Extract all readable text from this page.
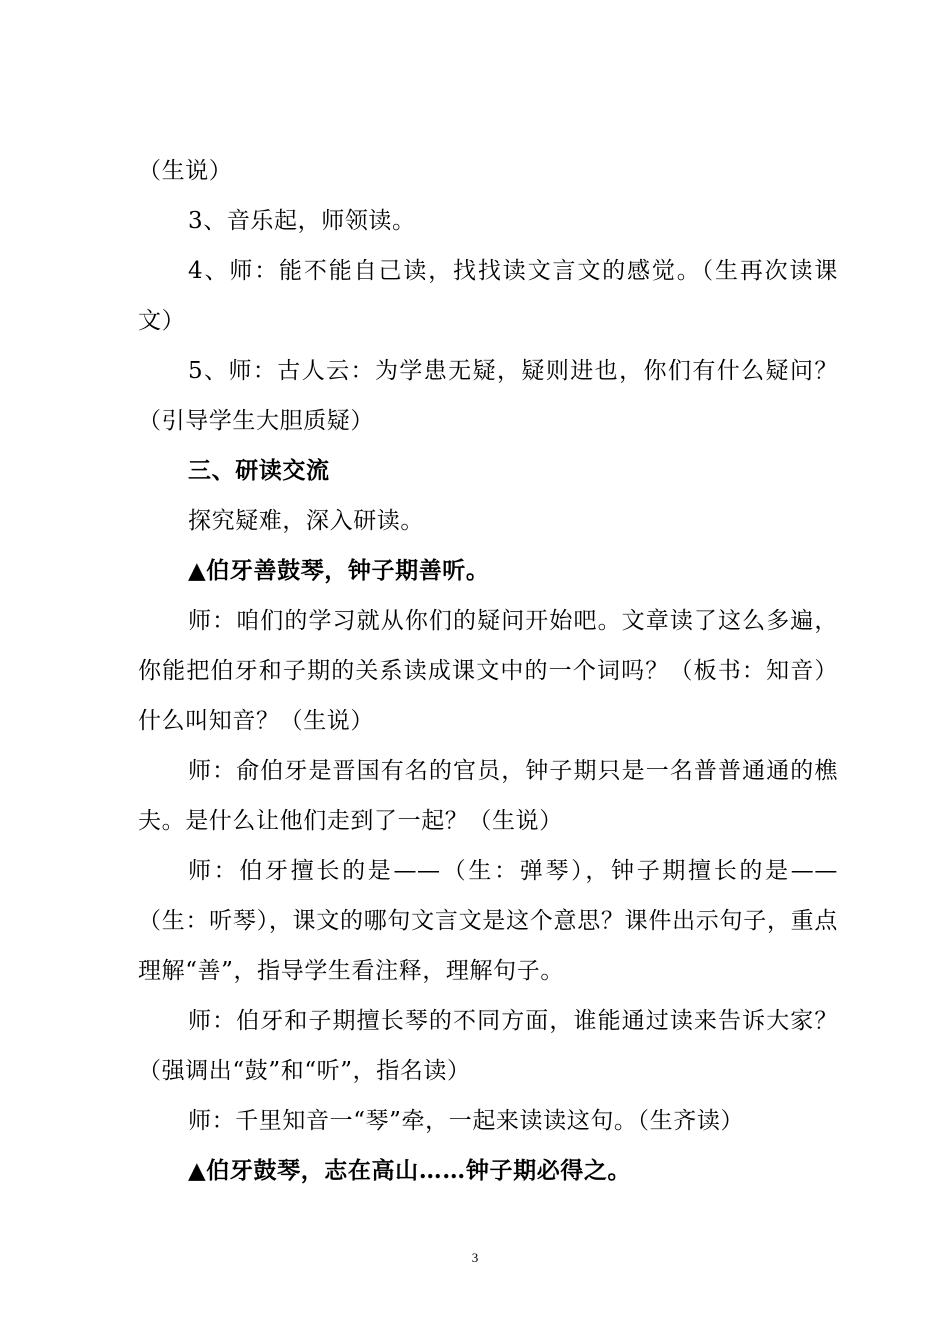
（生说）

3、音乐起，师领读。

4、师：能不能自己读，找找读文言文的感觉。（生再次读课文）

5、师：古人云：为学患无疑，疑则进也，你们有什么疑问？（引导学生大胆质疑）

三、研读交流

探究疑难，深入研读。

▲伯牙善鼓琴，钟子期善听。

师：咱们的学习就从你们的疑问开始吧。文章读了这么多遍，你能把伯牙和子期的关系读成课文中的一个词吗？（板书：知音）什么叫知音？（生说）

师：俞伯牙是晋国有名的官员，钟子期只是一名普普通通的樵夫。是什么让他们走到了一起？（生说）

师：伯牙擅长的是——（生：弹琴），钟子期擅长的是——（生：听琴），课文的哪句文言文是这个意思？课件出示句子，重点理解“善”，指导学生看注释，理解句子。

师：伯牙和子期擅长琴的不同方面，谁能通过读来告诉大家？（强调出“鼓”和“听”，指名读）

师：千里知音一“琴”牵，一起来读读这句。（生齐读）

▲伯牙鼓琴，志在高山……钟子期必得之。

3
